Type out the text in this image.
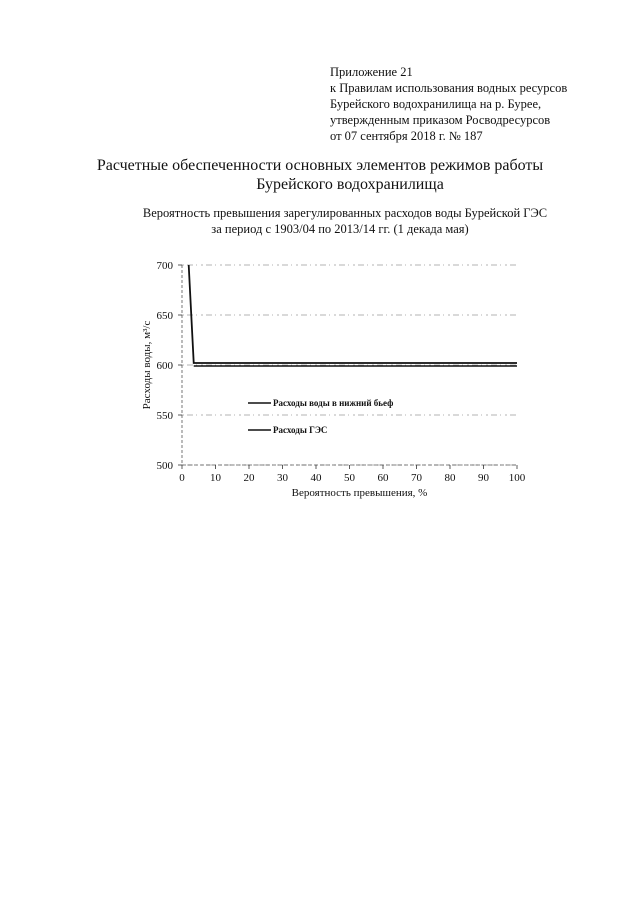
Приложение 21
к Правилам использования водных ресурсов
Бурейского водохранилища на р. Бурее,
утвержденным приказом Росводресурсов
от 07 сентября 2018 г. № 187
Расчетные обеспеченности основных элементов режимов работы
Бурейского водохранилища
Вероятность превышения зарегулированных расходов воды Бурейской ГЭС
за период с 1903/04 по 2013/14 гг. (1 декада мая)
500
550
600
650
700
0 10 20 30 40 50 60 70 80 90 100
Вероятность превышения, %
Расходы воды, м³/с	Расходы воды в нижний бьеф
Расходы ГЭС
